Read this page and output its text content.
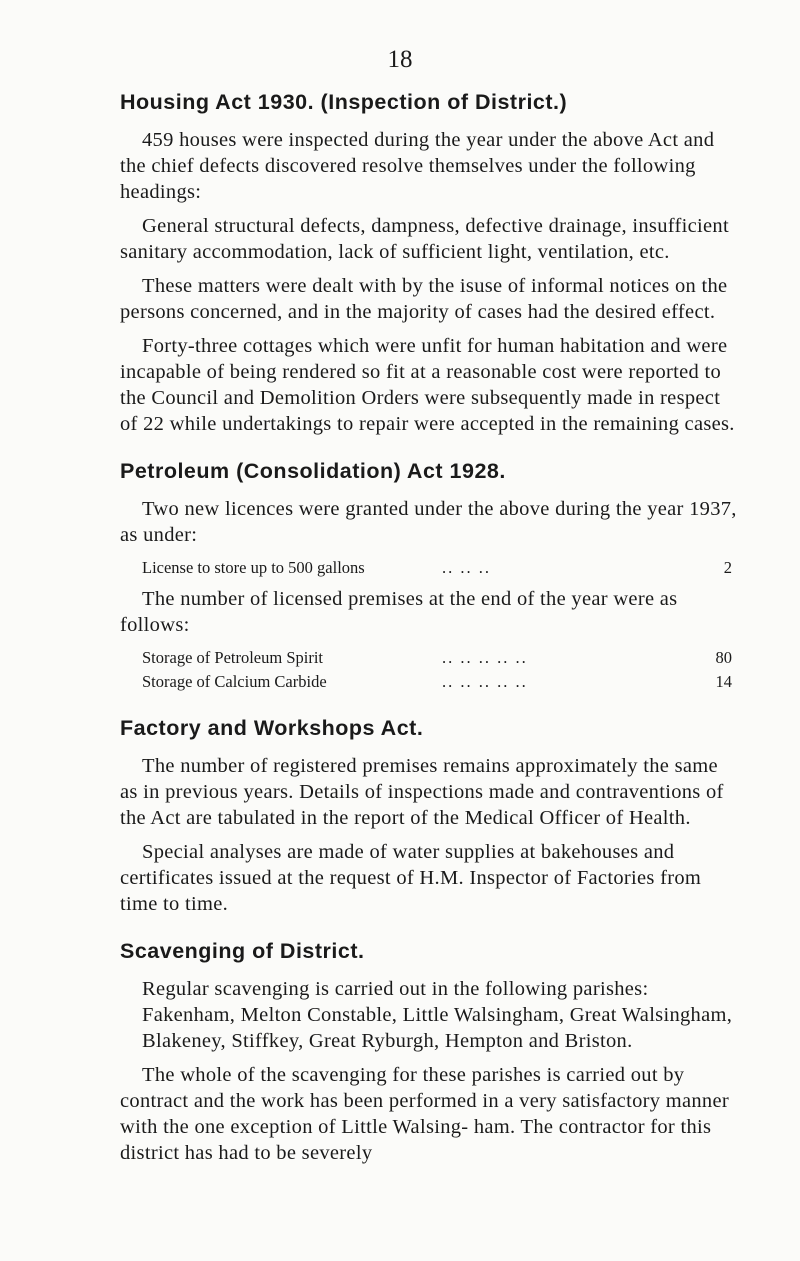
18
Housing Act 1930. (Inspection of District.)

459 houses were inspected during the year under the above Act and the chief defects discovered resolve themselves under the following headings:

General structural defects, dampness, defective drainage, insufficient sanitary accommodation, lack of sufficient light, ventilation, etc.

These matters were dealt with by the isuse of informal notices on the persons concerned, and in the majority of cases had the desired effect.

Forty-three cottages which were unfit for human habitation and were incapable of being rendered so fit at a reasonable cost were reported to the Council and Demolition Orders were subsequently made in respect of 22 while undertakings to repair were accepted in the remaining cases.

Petroleum (Consolidation) Act 1928.

Two new licences were granted under the above during the year 1937, as under:

License to store up to 500 gallons	.. .. ..	2

The number of licensed premises at the end of the year were as follows:

Storage of Petroleum Spirit	.. .. .. .. ..	80
Storage of Calcium Carbide	.. .. .. .. ..	14
Factory and Workshops Act.

The number of registered premises remains approximately the same as in previous years. Details of inspections made and contraventions of the Act are tabulated in the report of the Medical Officer of Health.

Special analyses are made of water supplies at bakehouses and certificates issued at the request of H.M. Inspector of Factories from time to time.

Scavenging of District.

Regular scavenging is carried out in the following parishes:

Fakenham, Melton Constable, Little Walsingham, Great Walsingham, Blakeney, Stiffkey, Great Ryburgh, Hempton and Briston.

The whole of the scavenging for these parishes is carried out by contract and the work has been performed in a very satisfactory manner with the one exception of Little Walsing- ham. The contractor for this district has had to be severely
